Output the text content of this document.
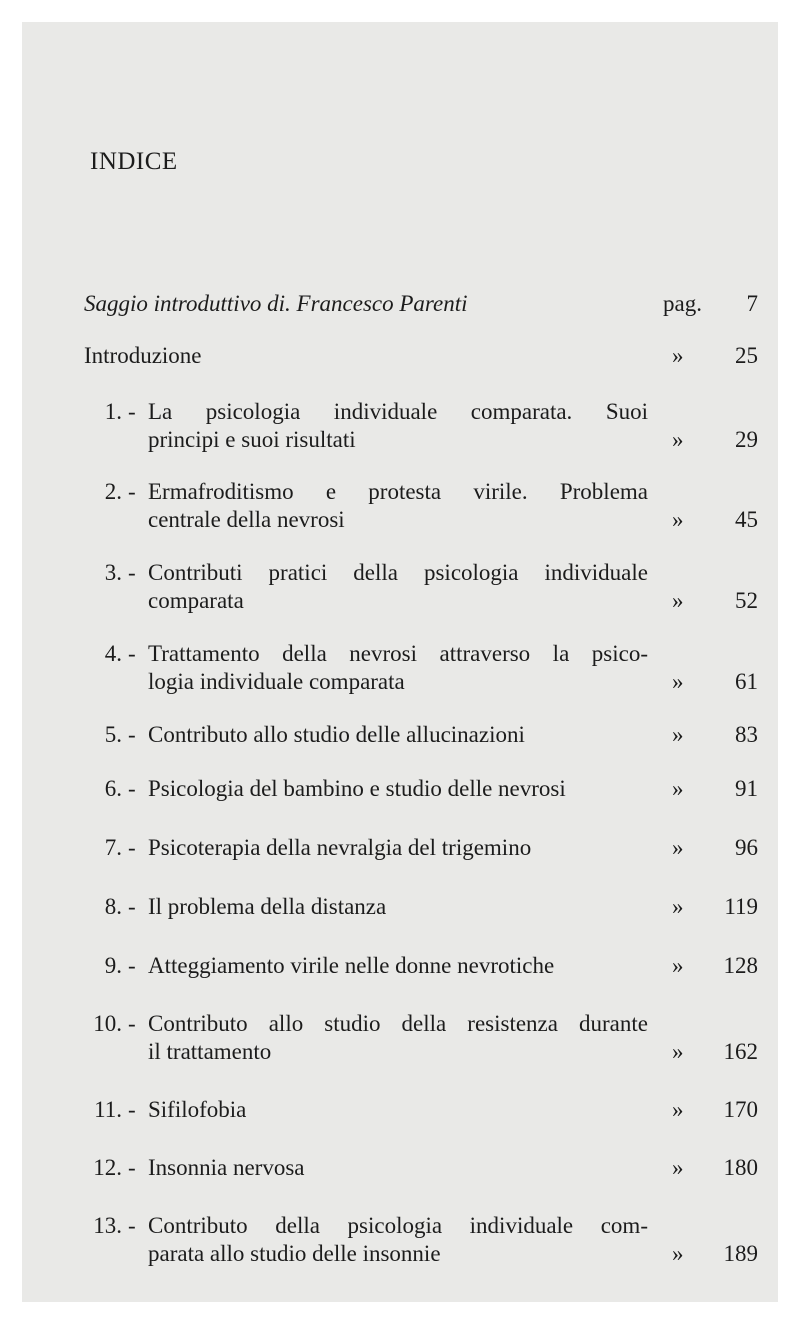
INDICE
Saggio introduttivo di. Francesco Parenti	pag. 7
Introduzione	» 25
1. - La psicologia individuale comparata. Suoi
principi e suoi risultati	» 29
2. - Ermafroditismo e protesta virile. Problema
centrale della nevrosi	» 45
3. - Contributi pratici della psicologia individuale
comparata	» 52
4. - Trattamento della nevrosi attraverso la psico-
logia individuale comparata	» 61
5. - Contributo allo studio delle allucinazioni	» 83
6. - Psicologia del bambino e studio delle nevrosi	» 91
7. - Psicoterapia della nevralgia del trigemino	» 96
8. - Il problema della distanza	» 119
9. - Atteggiamento virile nelle donne nevrotiche	» 128
10. - Contributo allo studio della resistenza durante
il trattamento	» 162
11. - Sifilofobia	» 170
12. - Insonnia nervosa	» 180
13. - Contributo della psicologia individuale com-
parata allo studio delle insonnie	» 189
